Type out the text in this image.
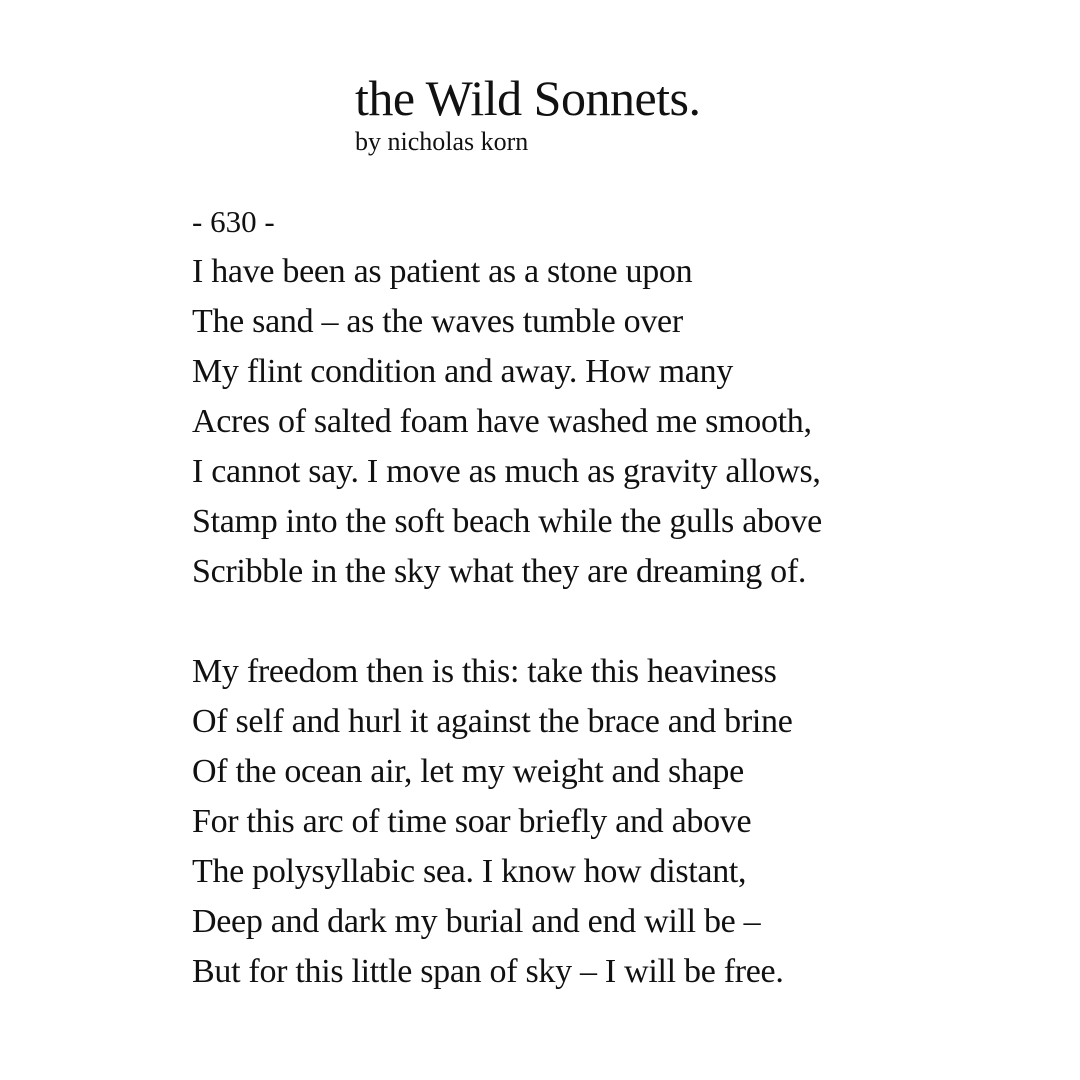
the Wild Sonnets.
by nicholas korn
- 630 -
I have been as patient as a stone upon
The sand – as the waves tumble over
My flint condition and away. How many
Acres of salted foam have washed me smooth,
I cannot say. I move as much as gravity allows,
Stamp into the soft beach while the gulls above
Scribble in the sky what they are dreaming of.
My freedom then is this: take this heaviness
Of self and hurl it against the brace and brine
Of the ocean air, let my weight and shape
For this arc of time soar briefly and above
The polysyllabic sea. I know how distant,
Deep and dark my burial and end will be –
But for this little span of sky – I will be free.
